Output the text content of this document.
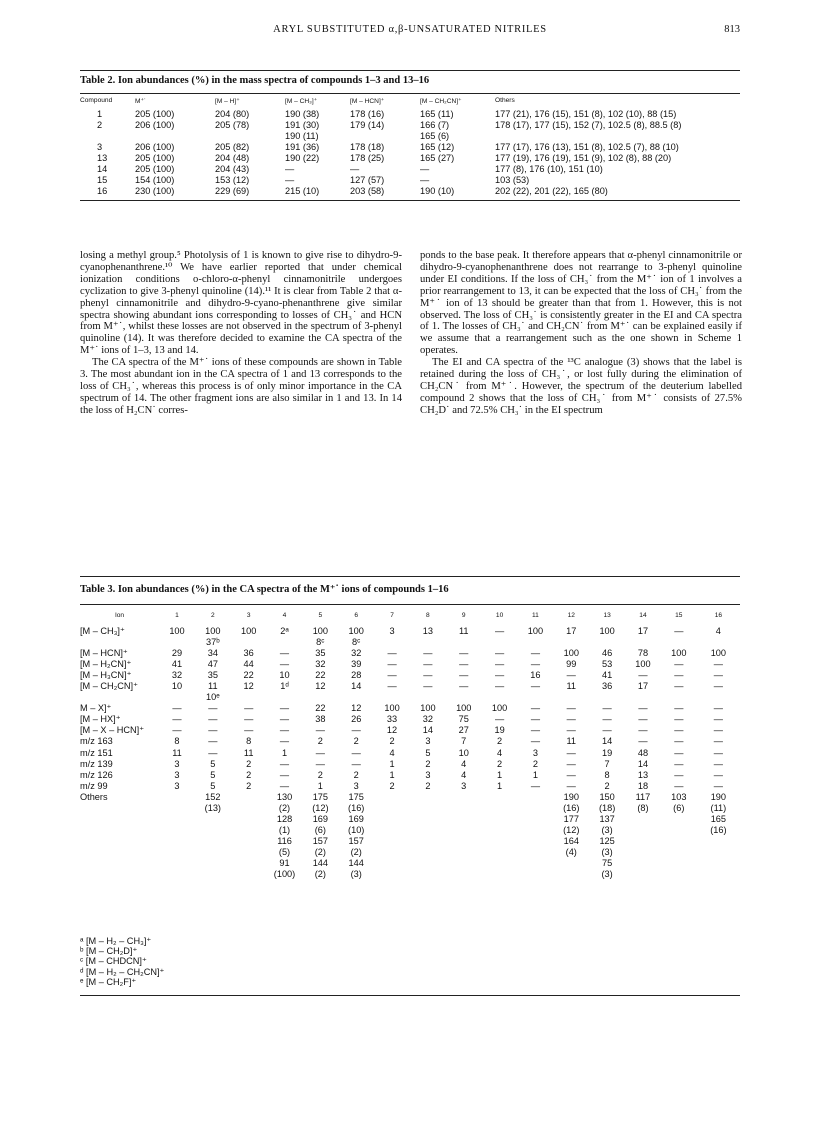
ARYL SUBSTITUTED α,β-UNSATURATED NITRILES	813
Table 2. Ion abundances (%) in the mass spectra of compounds 1–3 and 13–16
Compound	M⁺˙	[M – H]⁺	[M – CH₃]⁺	[M – HCN]⁺	[M – CH₂CN]⁺	Others
1	205 (100)	204 (80)	190 (38)	178 (16)	165 (11)	177 (21), 176 (15), 151 (8), 102 (10), 88 (15)
2	206 (100)	205 (78)	191 (30)	179 (14)	166 (7)	178 (17), 177 (15), 152 (7), 102.5 (8), 88.5 (8)
			190 (11)		165 (6)	
3	206 (100)	205 (82)	191 (36)	178 (18)	165 (12)	177 (17), 176 (13), 151 (8), 102.5 (7), 88 (10)
13	205 (100)	204 (48)	190 (22)	178 (25)	165 (27)	177 (19), 176 (19), 151 (9), 102 (8), 88 (20)
14	205 (100)	204 (43)	—	—	—	177 (8), 176 (10), 151 (10)
15	154 (100)	153 (12)	—	127 (57)	—	103 (53)
16	230 (100)	229 (69)	215 (10)	203 (58)	190 (10)	202 (22), 201 (22), 165 (80)

losing a methyl group.⁵ Photolysis of 1 is known to give rise to dihydro-9-cyanophenanthrene.¹⁰ We have earlier reported that under chemical ionization conditions o-chloro-α-phenyl cinnamonitrile undergoes cyclization to give 3-phenyl quinoline (14).¹¹ It is clear from Table 2 that α-phenyl cinnamonitrile and dihydro-9-cyano-phenanthrene give similar spectra showing abundant ions corresponding to losses of CH₃˙ and HCN from M⁺˙, whilst these losses are not observed in the spectrum of 3-phenyl quinoline (14). It was therefore decided to examine the CA spectra of the M⁺˙ ions of 1–3, 13 and 14.

The CA spectra of the M⁺˙ ions of these compounds are shown in Table 3. The most abundant ion in the CA spectra of 1 and 13 corresponds to the loss of CH₃˙, whereas this process is of only minor importance in the CA spectrum of 14. The other fragment ions are also similar in 1 and 13. In 14 the loss of H₂CN˙ corres-

ponds to the base peak. It therefore appears that α-phenyl cinnamonitrile or dihydro-9-cyanophenanthrene does not rearrange to 3-phenyl quinoline under EI conditions. If the loss of CH₃˙ from the M⁺˙ ion of 1 involves a prior rearrangement to 13, it can be expected that the loss of CH₃˙ from the M⁺˙ ion of 13 should be greater than that from 1. However, this is not observed. The loss of CH₃˙ is consistently greater in the EI and CA spectra of 1. The losses of CH₃˙ and CH₂CN˙ from M⁺˙ can be explained easily if we assume that a rearrangement such as the one shown in Scheme 1 operates.

The EI and CA spectra of the ¹³C analogue (3) shows that the label is retained during the loss of CH₃˙, or lost fully during the elimination of CH₂CN˙ from M⁺˙. However, the spectrum of the deuterium labelled compound 2 shows that the loss of CH₃˙ from M⁺˙ consists of 27.5% CH₂D˙ and 72.5% CH₃˙ in the EI spectrum

Table 3. Ion abundances (%) in the CA spectra of the M⁺˙ ions of compounds 1–16
Ion	1	2	3	4	5	6	7	8	9	10	11	12	13	14	15	16
[M – CH₃]⁺	100	100	100	2ᵃ	100	100	3	13	11	—	100	17	100	17	—	4
		37ᵇ			8ᶜ	8ᶜ										
[M – HCN]⁺	29	34	36	—	35	32	—	—	—	—	—	100	46	78	100	100
[M – H₂CN]⁺	41	47	44	—	32	39	—	—	—	—	—	99	53	100	—	—
[M – H₃CN]⁺	32	35	22	10	22	28	—	—	—	—	16	—	41	—	—	—
[M – CH₂CN]⁺	10	11	12	1ᵈ	12	14	—	—	—	—	—	11	36	17	—	—
		10ᵉ														
M – X]⁺	—	—	—	—	22	12	100	100	100	100	—	—	—	—	—	—
[M – HX]⁺	—	—	—	—	38	26	33	32	75	—	—	—	—	—	—	—
[M – X – HCN]⁺	—	—	—	—	—	—	12	14	27	19	—	—	—	—	—	—
m/z 163	8	—	8	—	2	2	2	3	7	2	—	11	14	—	—	—
m/z 151	11	—	11	1	—	—	4	5	10	4	3	—	19	48	—	—
m/z 139	3	5	2	—	—	—	1	2	4	2	2	—	7	14	—	—
m/z 126	3	5	2	—	2	2	1	3	4	1	1	—	8	13	—	—
m/z 99	3	5	2	—	1	3	2	2	3	1	—	—	2	18	—	—
Others		152		130	175	175						190	150	117	103	190
		(13)		(2)	(12)	(16)						(16)	(18)	(8)	(6)	(11)
				128	169	169						177	137			165
				(1)	(6)	(10)						(12)	(3)			(16)
				116	157	157						164	125			
				(5)	(2)	(2)						(4)	(3)			
				91	144	144							75			
				(100)	(2)	(3)							(3)			
ᵃ [M – H₂ – CH₃]⁺
ᵇ [M – CH₂D]⁺
ᶜ [M – CHDCN]⁺
ᵈ [M – H₂ – CH₂CN]⁺
ᵉ [M – CH₂F]⁺
